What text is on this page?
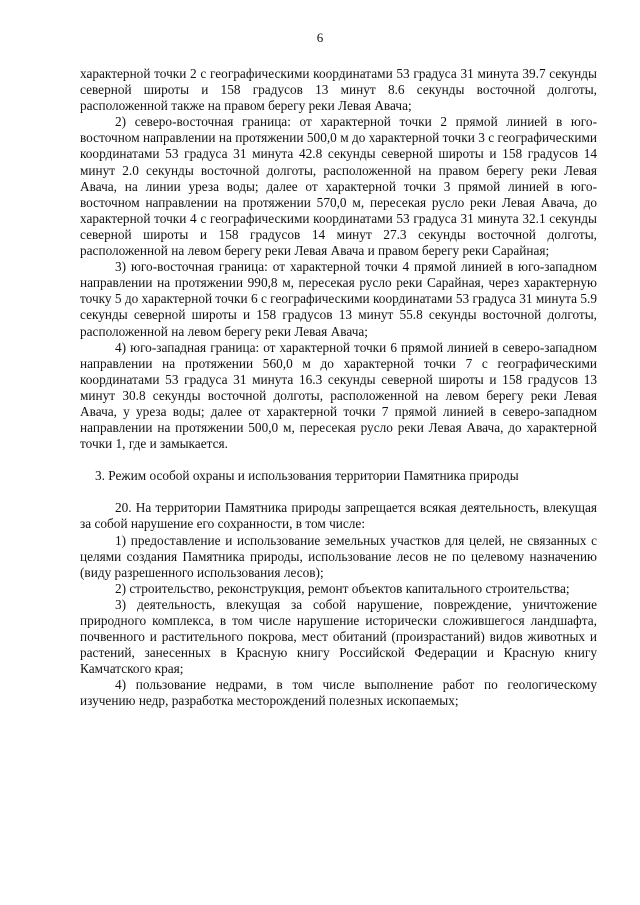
6

характерной точки 2 с географическими координатами 53 градуса 31 минута 39.7 секунды северной широты и 158 градусов 13 минут 8.6 секунды восточной долготы, расположенной также на правом берегу реки Левая Авача;

2) северо-восточная граница: от характерной точки 2 прямой линией в юго-восточном направлении на протяжении 500,0 м до характерной точки 3 с географическими координатами 53 градуса 31 минута 42.8 секунды северной широты и 158 градусов 14 минут 2.0 секунды восточной долготы, расположенной на правом берегу реки Левая Авача, на линии уреза воды; далее от характерной точки 3 прямой линией в юго-восточном направлении на протяжении 570,0 м, пересекая русло реки Левая Авача, до характерной точки 4 с географическими координатами 53 градуса 31 минута 32.1 секунды северной широты и 158 градусов 14 минут 27.3 секунды восточной долготы, расположенной на левом берегу реки Левая Авача и правом берегу реки Сарайная;

3) юго-восточная граница: от характерной точки 4 прямой линией в юго-западном направлении на протяжении 990,8 м, пересекая русло реки Сарайная, через характерную точку 5 до характерной точки 6 с географическими координатами 53 градуса 31 минута 5.9 секунды северной широты и 158 градусов 13 минут 55.8 секунды восточной долготы, расположенной на левом берегу реки Левая Авача;

4) юго-западная граница: от характерной точки 6 прямой линией в северо-западном направлении на протяжении 560,0 м до характерной точки 7 с географическими координатами 53 градуса 31 минута 16.3 секунды северной широты и 158 градусов 13 минут 30.8 секунды восточной долготы, расположенной на левом берегу реки Левая Авача, у уреза воды; далее от характерной точки 7 прямой линией в северо-западном направлении на протяжении 500,0 м, пересекая русло реки Левая Авача, до характерной точки 1, где и замыкается.

3. Режим особой охраны и использования территории Памятника природы

20. На территории Памятника природы запрещается всякая деятельность, влекущая за собой нарушение его сохранности, в том числе:

1) предоставление и использование земельных участков для целей, не связанных с целями создания Памятника природы, использование лесов не по целевому назначению (виду разрешенного использования лесов);

2) строительство, реконструкция, ремонт объектов капитального строительства;

3) деятельность, влекущая за собой нарушение, повреждение, уничтожение природного комплекса, в том числе нарушение исторически сложившегося ландшафта, почвенного и растительного покрова, мест обитаний (произрастаний) видов животных и растений, занесенных в Красную книгу Российской Федерации и Красную книгу Камчатского края;

4) пользование недрами, в том числе выполнение работ по геологическому изучению недр, разработка месторождений полезных ископаемых;
